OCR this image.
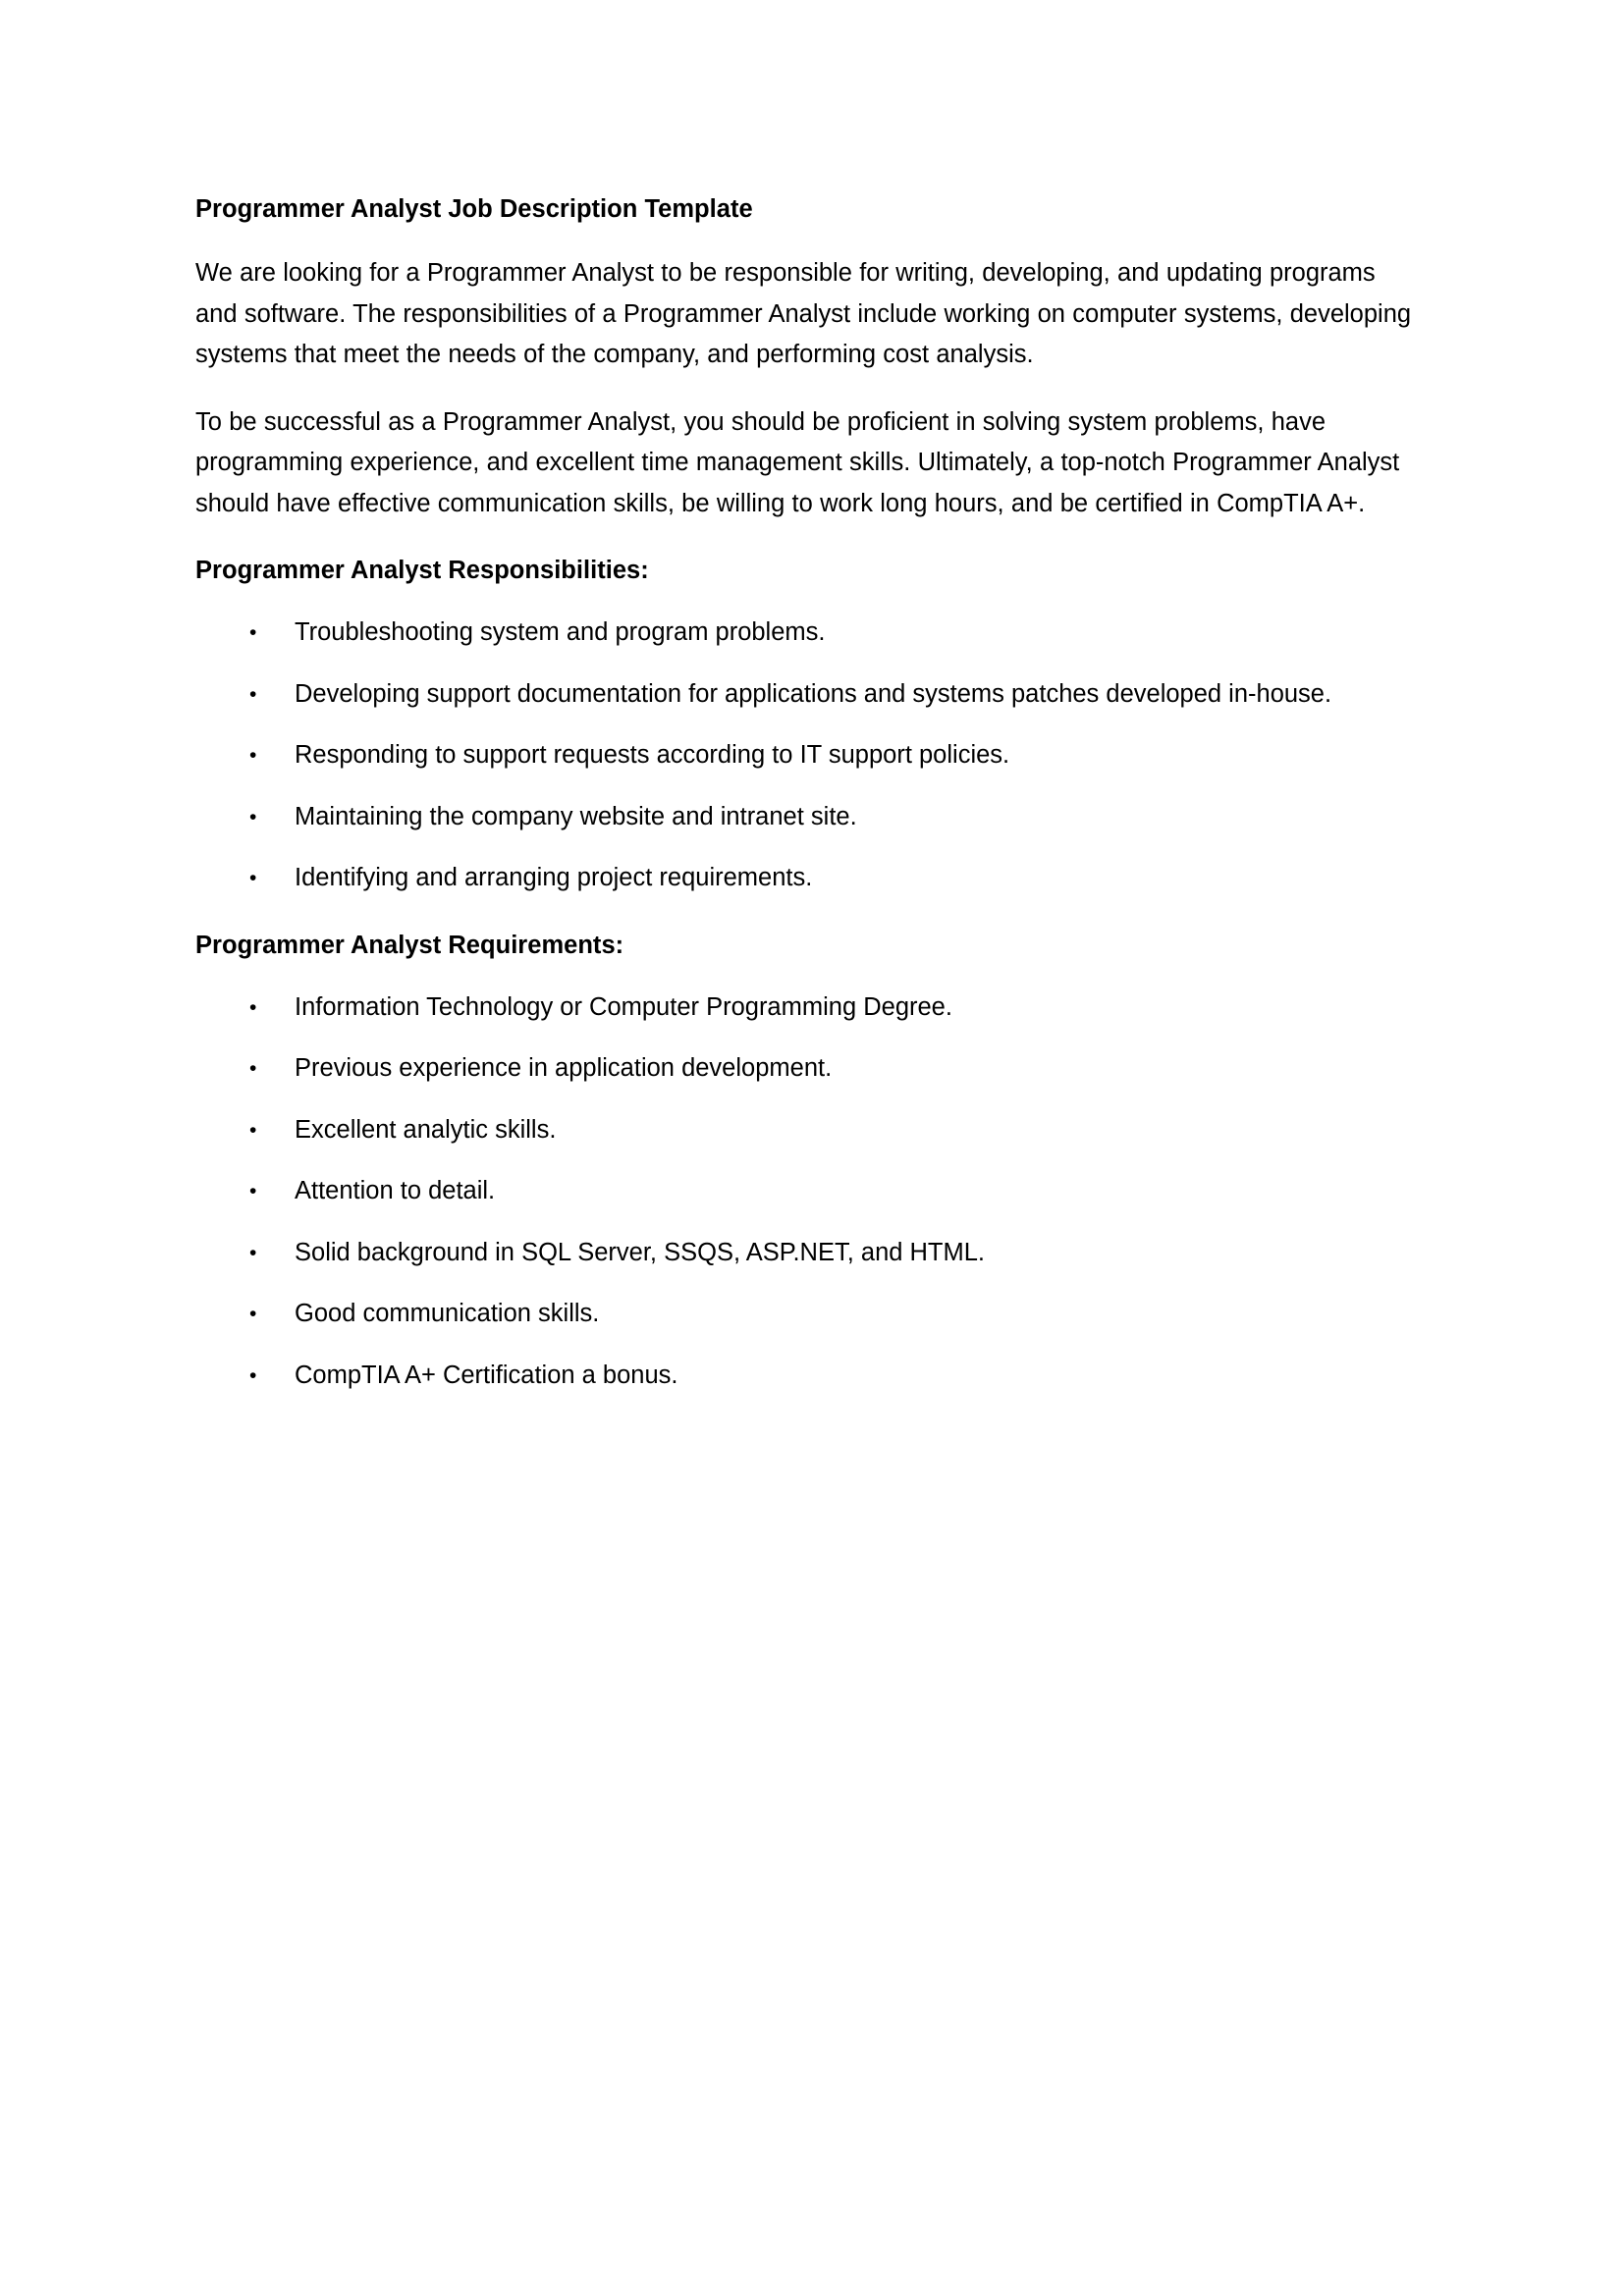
Programmer Analyst Job Description Template

We are looking for a Programmer Analyst to be responsible for writing, developing, and updating programs and software. The responsibilities of a Programmer Analyst include working on computer systems, developing systems that meet the needs of the company, and performing cost analysis.

To be successful as a Programmer Analyst, you should be proficient in solving system problems, have programming experience, and excellent time management skills. Ultimately, a top-notch Programmer Analyst should have effective communication skills, be willing to work long hours, and be certified in CompTIA A+.

Programmer Analyst Responsibilities:
• Troubleshooting system and program problems.
• Developing support documentation for applications and systems patches developed in-house.
• Responding to support requests according to IT support policies.
• Maintaining the company website and intranet site.
• Identifying and arranging project requirements.
Programmer Analyst Requirements:
• Information Technology or Computer Programming Degree.
• Previous experience in application development.
• Excellent analytic skills.
• Attention to detail.
• Solid background in SQL Server, SSQS, ASP.NET, and HTML.
• Good communication skills.
• CompTIA A+ Certification a bonus.
